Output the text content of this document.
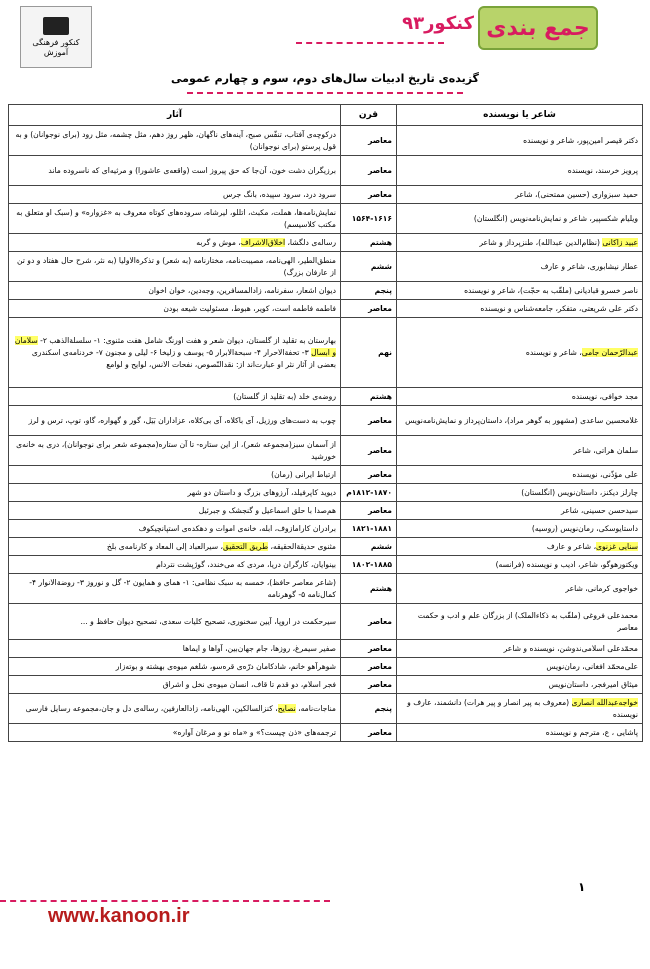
کنکور فرهنگی آموزش
جمع بندی
کنکور۹۳
گزیده‌ی تاریخ ادبیات سال‌های دوم، سوم و چهارم عمومی
شاعر یا نویسنده	قرن	آثار
دکتر قیصر امین‌پور، شاعر و نویسنده	معاصر	درکوچه‌ی آفتاب، تنفّس صبح، آینه‌های ناگهان، ظهر روز دهم، مثل چشمه، مثل رود (برای نوجوانان) و به قول پرستو (برای نوجوانان)
پرویز خرسند، نویسنده	معاصر	برزیگران دشت خون، آن‌جا که حق پیروز است (واقعه‌ی عاشورا) و مرثیه‌ای که ناسروده ماند
حمید سبزواری (حسین ممتحنی)، شاعر	معاصر	سرود درد، سرود سپیده، بانگ جرس
ویلیام شکسپیر، شاعر و نمایش‌نامه‌نویس (انگلستان)	۱۵۶۴-۱۶۱۶	نمایش‌نامه‌ها، هملت، مکبث، اتللو، لیرشاه، سروده‌های کوتاه معروف به «غزواره» و (سبک او متعلق به مکتب کلاسیسم)
عبید زاکانی (نظام‌الدین عبدالله)، طنزپرداز و شاعر	هشتم	رساله‌ی دلگشا، اخلاق‌الاشراف، موش و گربه
عطار نیشابوری، شاعر و عارف	ششم	منطق‌الطیر، الهی‌نامه، مصیبت‌نامه، مختارنامه (به شعر) و تذکرة‌الاولیا (به نثر، شرح حال هفتاد و دو تن از عارفان بزرگ)
ناصر خسرو قبادیانی (ملقّب به حجّت)، شاعر و نویسنده	پنجم	دیوان اشعار، سفرنامه، زادالمسافرین، وجه‌دین، خوان اخوان
دکتر علی شریعتی، متفکر، جامعه‌شناس و نویسنده	معاصر	فاطمه فاطمه است، کویر، هبوط، مسئولیت شیعه بودن
عبدالرّحمان جامی، شاعر و نویسنده	نهم	بهارستان به تقلید از گلستان، دیوان شعر و هفت اورنگ شامل هفت مثنوی: ۱- سلسلة‌الذهب ۲- سلامان و ابسال ۳- تحفة‌الاحرار ۴- سبحة‌الابرار ۵- یوسف و زلیخا ۶- لیلی و مجنون ۷- خردنامه‌ی اسکندری بعضی از آثار نثر او عبارت‌اند از: نقدالنّصوص، نفحات الانس، لوایح و لوامع
مجد خوافی، نویسنده	هشتم	روضه‌ی خلد (به تقلید از گلستان)
غلامحسین ساعدی (مشهور به گوهر مراد)، داستان‌پرداز و نمایش‌نامه‌نویس	معاصر	چوب به دست‌های ورزیل، آی باکلاه، آی بی‌کلاه، عزاداران بَیَل، گور و گهواره، گاو، توپ، ترس و لرز
سلمان هراتی، شاعر	معاصر	از آسمان سبز(مجموعه شعر)، از این ستاره- تا آن ستاره(مجموعه شعر برای نوجوانان)، دری به خانه‌ی خورشید
علی مؤذّنی، نویسنده	معاصر	ارتباط ایرانی (رمان)
چارلز دیکنز، داستان‌نویس (انگلستان)	۱۸۱۲-۱۸۷۰م	دیوید کاپرفیلد، آرزوهای بزرگ و داستان دو شهر
سیدحسن حسینی، شاعر	معاصر	هم‌صدا با حلق اسماعیل و گنجشک و جبرئیل
داستایوسکی، رمان‌نویس (روسیه)	۱۸۲۱-۱۸۸۱	برادران کارامازوف، ابله، خانه‌ی اموات و دهکده‌ی استپانچیکوف
سنایی غزنوی، شاعر و عارف	ششم	مثنوی حدیقةالحقیقه، طریق التحقیق، سیرالعباد إلی المعاد و کارنامه‌ی بلخ
ویکتورهوگو، شاعر، ادیب و نویسنده (فرانسه)	۱۸۰۲-۱۸۸۵	بینوایان، کارگران دریا، مردی که می‌خندد، گوژپشت نتردام
خواجوی کرمانی، شاعر	هشتم	(شاعر معاصر حافظ)، خمسه به سبک نظامی: ۱- همای و همایون ۲- گل و نوروز ۳- روضةالانوار ۴- کمال‌نامه ۵- گوهرنامه
محمدعلی فروغی (ملقّب به ذکاءالملک) از بزرگان علم و ادب و حکمت معاصر	معاصر	سیرحکمت در اروپا، آیین سخنوری، تصحیح کلیات سعدی، تصحیح دیوان حافظ و ...
محمّدعلی اسلامی‌ندوشن، نویسنده و شاعر	معاصر	صفیر سیمرغ، روزها، جام جهان‌بین، آواها و ایماها
علی‌محمّد افغانی، رمان‌نویس	معاصر	شوهرآهو خانم، شادکامان درّه‌ی قره‌سو، شلغم میوه‌ی بهشته و بوته‌زار
میثاق امیرفجر، داستان‌نویس	معاصر	فجر اسلام، دو قدم تا قاف، انسان میوه‌ی نخل و اشراق
خواجه‌عبدالله انصاری (معروف به پیر انصار و پیر هرات) دانشمند، عارف و نویسنده	پنجم	مناجات‌نامه، نصایح، کنزالسالکین، الهی‌نامه، زادالعارفین، رساله‌ی دل و جان،مجموعه رسایل فارسی
پاشایی ، ع، مترجم و نویسنده	معاصر	ترجمه‌های «ذن چیست؟» و «ماه نو و مرغان آواره»
۱
www.kanoon.ir
